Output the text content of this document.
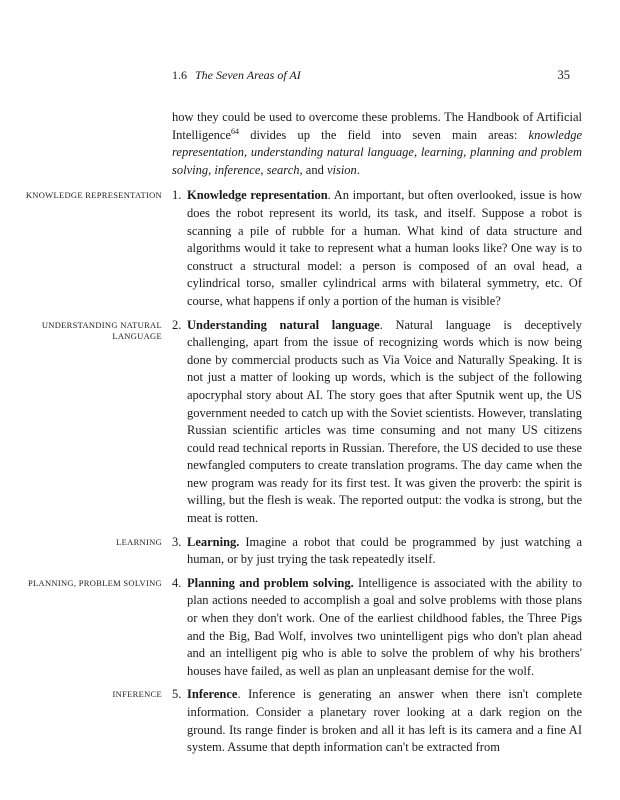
1.6 The Seven Areas of AI	35

how they could be used to overcome these problems. The Handbook of Artificial Intelligence$^{64}$ divides up the field into seven main areas: knowledge representation, understanding natural language, learning, planning and problem solving, inference, search, and vision.

KNOWLEDGE REPRESENTATION 1. Knowledge representation. An important, but often overlooked, issue is how does the robot represent its world, its task, and itself. Suppose a robot is scanning a pile of rubble for a human. What kind of data structure and algorithms would it take to represent what a human looks like? One way is to construct a structural model: a person is composed of an oval head, a cylindrical torso, smaller cylindrical arms with bilateral symmetry, etc. Of course, what happens if only a portion of the human is visible?
UNDERSTANDING NATURAL LANGUAGE
2. Understanding natural language. Natural language is deceptively challenging, apart from the issue of recognizing words which is now being done by commercial products such as Via Voice and Naturally Speaking. It is not just a matter of looking up words, which is the subject of the following apocryphal story about AI. The story goes that after Sputnik went up, the US government needed to catch up with the Soviet scientists. However, translating Russian scientific articles was time consuming and not many US citizens could read technical reports in Russian. Therefore, the US decided to use these newfangled computers to create translation programs. The day came when the new program was ready for its first test. It was given the proverb: the spirit is willing, but the flesh is weak. The reported output: the vodka is strong, but the meat is rotten.
LEARNING 3. Learning. Imagine a robot that could be programmed by just watching a human, or by just trying the task repeatedly itself.
PLANNING, PROBLEM SOLVING 4. Planning and problem solving. Intelligence is associated with the ability to plan actions needed to accomplish a goal and solve problems with those plans or when they don't work. One of the earliest childhood fables, the Three Pigs and the Big, Bad Wolf, involves two unintelligent pigs who don't plan ahead and an intelligent pig who is able to solve the problem of why his brothers' houses have failed, as well as plan an unpleasant demise for the wolf.
INFERENCE 5. Inference. Inference is generating an answer when there isn't complete information. Consider a planetary rover looking at a dark region on the ground. Its range finder is broken and all it has left is its camera and a fine AI system. Assume that depth information can't be extracted from
